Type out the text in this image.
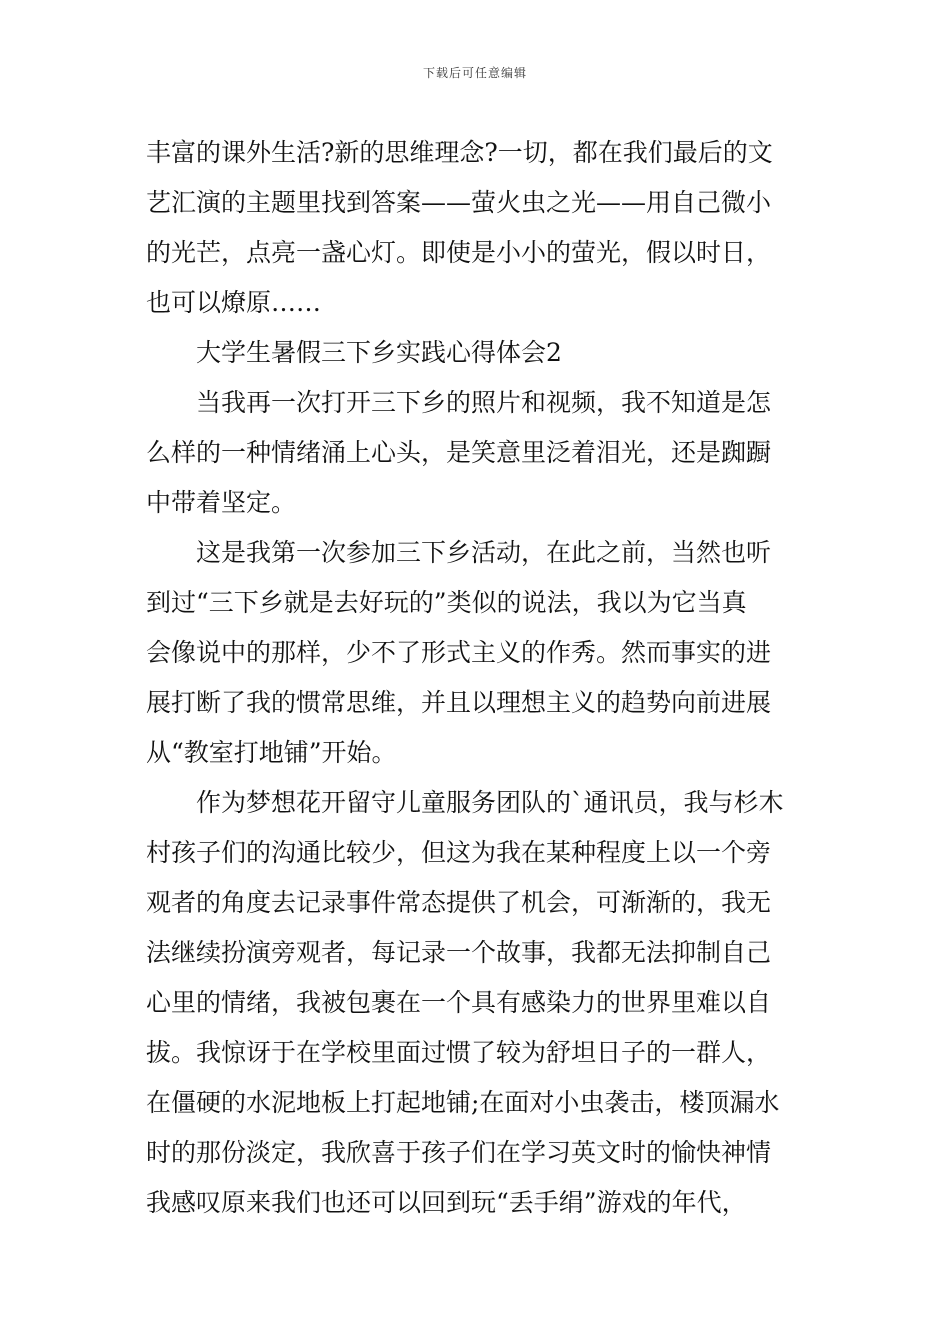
下载后可任意编辑
丰富的课外生活?新的思维理念?一切，都在我们最后的文
艺汇演的主题里找到答案——萤火虫之光——用自己微小
的光芒，点亮一盏心灯。即使是小小的萤光，假以时日，
也可以燎原……
大学生暑假三下乡实践心得体会2
当我再一次打开三下乡的照片和视频，我不知道是怎
么样的一种情绪涌上心头，是笑意里泛着泪光，还是踟蹰
中带着坚定。
这是我第一次参加三下乡活动，在此之前，当然也听
到过“三下乡就是去好玩的”类似的说法，我以为它当真
会像说中的那样，少不了形式主义的作秀。然而事实的进
展打断了我的惯常思维，并且以理想主义的趋势向前进展
从“教室打地铺”开始。
作为梦想花开留守儿童服务团队的`通讯员，我与杉木
村孩子们的沟通比较少，但这为我在某种程度上以一个旁
观者的角度去记录事件常态提供了机会，可渐渐的，我无
法继续扮演旁观者，每记录一个故事，我都无法抑制自己
心里的情绪，我被包裹在一个具有感染力的世界里难以自
拔。我惊讶于在学校里面过惯了较为舒坦日子的一群人，
在僵硬的水泥地板上打起地铺;在面对小虫袭击，楼顶漏水
时的那份淡定，我欣喜于孩子们在学习英文时的愉快神情
我感叹原来我们也还可以回到玩“丢手绢”游戏的年代，
